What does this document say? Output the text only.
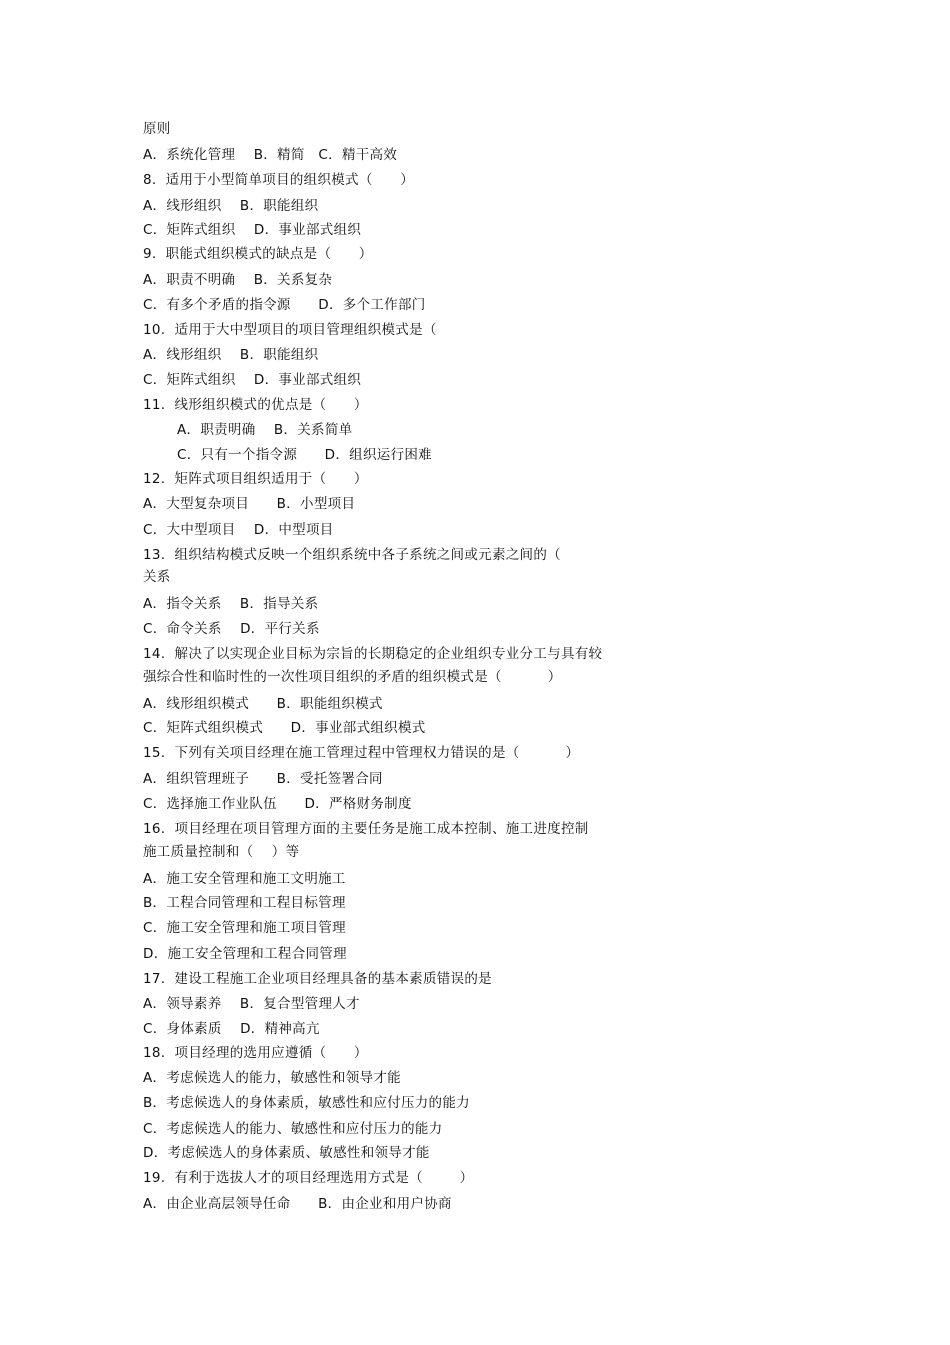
原则
A．系统化管理    B．精简   C．精干高效
8.  适用于小型简单项目的组织模式（      ）
A．线形组织    B．职能组织
C．矩阵式组织    D．事业部式组织
9.  职能式组织模式的缺点是（      ）
A．职责不明确    B．关系复杂
C．有多个矛盾的指令源      D．多个工作部门
10.  适用于大中型项目的项目管理组织模式是（
A．线形组织    B．职能组织
C．矩阵式组织    D．事业部式组织
11.  线形组织模式的优点是（      ）
A．职责明确    B．关系简单
C．只有一个指令源      D．组织运行困难
12.  矩阵式项目组织适用于（      ）
A．大型复杂项目      B．小型项目
C．大中型项目    D．中型项目
13.  组织结构模式反映一个组织系统中各子系统之间或元素之间的（
关系
A．指令关系    B．指导关系
C．命令关系    D．平行关系
14.  解决了以实现企业目标为宗旨的长期稳定的企业组织专业分工与具有较
强综合性和临时性的一次性项目组织的矛盾的组织模式是（          ）
A．线形组织模式      B．职能组织模式
C．矩阵式组织模式      D．事业部式组织模式
15.  下列有关项目经理在施工管理过程中管理权力错误的是（          ）
A．组织管理班子      B．受托签署合同
C．选择施工作业队伍      D．严格财务制度
16.  项目经理在项目管理方面的主要任务是施工成本控制、施工进度控制
施工质量控制和（    ）等
A．施工安全管理和施工文明施工
B．工程合同管理和工程目标管理
C．施工安全管理和施工项目管理
D．施工安全管理和工程合同管理
17.  建设工程施工企业项目经理具备的基本素质错误的是
A．领导素养    B．复合型管理人才
C．身体素质    D．精神高亢
18.  项目经理的选用应遵循（      ）
A．考虑候选人的能力，敏感性和领导才能
B．考虑候选人的身体素质，敏感性和应付压力的能力
C．考虑候选人的能力、敏感性和应付压力的能力
D．考虑候选人的身体素质、敏感性和领导才能
19.  有利于选拔人才的项目经理选用方式是（        ）
A．由企业高层领导任命      B．由企业和用户协商
